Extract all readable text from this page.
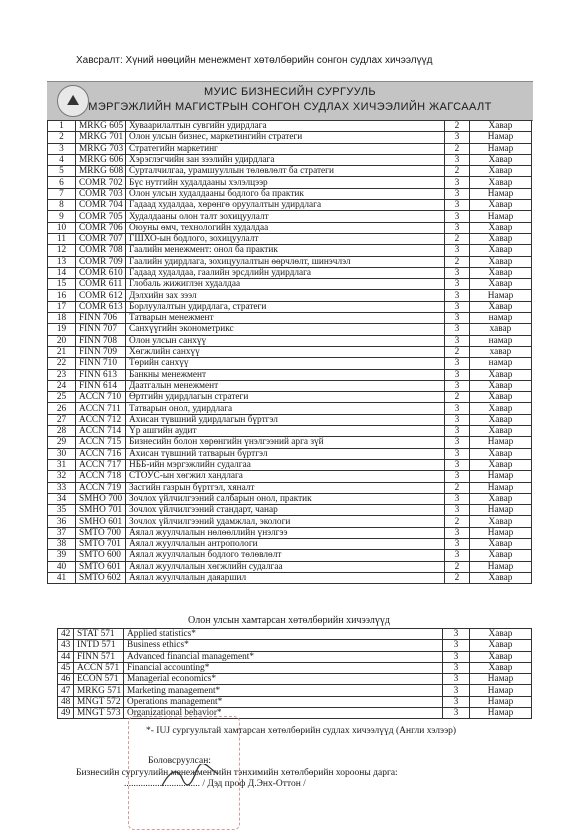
Хавсралт: Хүний нөөцийн менежмент хөтөлбөрийн сонгон судлах хичээлүүд
⛰
МУИС БИЗНЕСИЙН СУРГУУЛЬ
МЭРГЭЖЛИЙН МАГИСТРЫН СОНГОН СУДЛАХ ХИЧЭЭЛИЙН ЖАГСААЛТ
1	MRKG 605	Хуваарилалтын сувгийн удирдлага	2	Хавар
2	MRKG 701	Олон улсын бизнес, маркетингийн стратеги	3	Намар
3	MRKG 703	Стратегийн маркетинг	2	Намар
4	MRKG 606	Хэрэглэгчийн зан зээлийн удирдлага	3	Хавар
5	MRKG 608	Сурталчилгаа, урамшууллын төлөвлөлт ба стратеги	2	Хавар
6	COMR 702	Бүс нутгийн худалдааны хэлэлцээр	3	Хавар
7	COMR 703	Олон улсын худалдааны бодлого ба практик	3	Намар
8	COMR 704	Гадаад худалдаа, хөрөнгө оруулалтын удирдлага	3	Хавар
9	COMR 705	Худалдааны олон талт зохицуулалт	3	Намар
10	COMR 706	Оюуны өмч, технологийн худалдаа	3	Хавар
11	COMR 707	ГШХО-ын бодлого, зохицуулалт	2	Хавар
12	COMR 708	Гаалийн менежмент: онол ба практик	3	Хавар
13	COMR 709	Гаалийн удирдлага, зохицуулалтын өөрчлөлт, шинэчлэл	2	Хавар
14	COMR 610	Гадаад худалдаа, гаалийн эрсдлийн удирдлага	3	Хавар
15	COMR 611	Глобаль жижиглэн худалдаа	3	Хавар
16	COMR 612	Дэлхийн зах зээл	3	Намар
17	COMR 613	Борлуулалтын удирдлага, стратеги	3	Хавар
18	FINN 706	Татварын менежмент	3	намар
19	FINN 707	Санхүүгийн эконометрикс	3	хавар
20	FINN 708	Олон улсын санхүү	3	намар
21	FINN 709	Хөгжлийн санхүү	2	хавар
22	FINN 710	Төрийн санхүү	3	намар
23	FINN 613	Банкны менежмент	3	Хавар
24	FINN 614	Даатгалын менежмент	3	Хавар
25	ACCN 710	Өртгийн удирдлагын стратеги	2	Хавар
26	ACCN 711	Татварын онол, удирдлага	3	Хавар
27	ACCN 712	Ахисан түвшний удирдлагын бүртгэл	3	Хавар
28	ACCN 714	Үр ашгийн аудит	3	Хавар
29	ACCN 715	Бизнесийн болон хөрөнгийн үнэлгээний арга зүй	3	Намар
30	ACCN 716	Ахисан түвшний татварын бүртгэл	3	Хавар
31	ACCN 717	НББ-ийн мэргэжлийн судалгаа	3	Хавар
32	ACCN 718	СТОУС-ын хөгжил хандлага	3	Намар
33	ACCN 719	Засгийн газрын бүртгэл, хяналт	2	Намар
34	SMHO 700	Зочлох үйлчилгээний салбарын онол, практик	3	Хавар
35	SMHO 701	Зочлох үйлчилгээний стандарт, чанар	3	Намар
36	SMHO 601	Зочлох үйлчилгээний удамжлал, экологи	2	Хавар
37	SMTO 700	Аялал жуулчлалын нөлөөллийн үнэлгээ	3	Намар
38	SMTO 701	Аялал жуулчлалын антропологи	3	Хавар
39	SMTO 600	Аялал жуулчлалын бодлого төлөвлөлт	3	Хавар
40	SMTO 601	Аялал жуулчлалын хөгжлийн судалгаа	2	Намар
41	SMTO 602	Аялал жуулчлалын даяаршил	2	Хавар
Олон улсын хамтарсан хөтөлбөрийн хичээлүүд
42	STAT 571	Applied statistics*	3	Хавар
43	INTD 571	Business ethics*	3	Хавар
44	FINN 571	Advanced financial management*	3	Хавар
45	ACCN 571	Financial accounting*	3	Хавар
46	ECON 571	Managerial economics*	3	Намар
47	MRKG 571	Marketing management*	3	Намар
48	MNGT 572	Operations management*	3	Намар
49	MNGT 573	Organizational behavior*	3	Намар
*- IUJ сургуультай хамтарсан хөтөлбөрийн судлах хичээлүүд (Англи хэлээр)
Боловсруулсан:
Бизнесийн сургуулийн менежментийн тэнхимийн хөтөлбөрийн хорооны дарга:
................................ / Дэд проф Д.Энх-Оттон /
